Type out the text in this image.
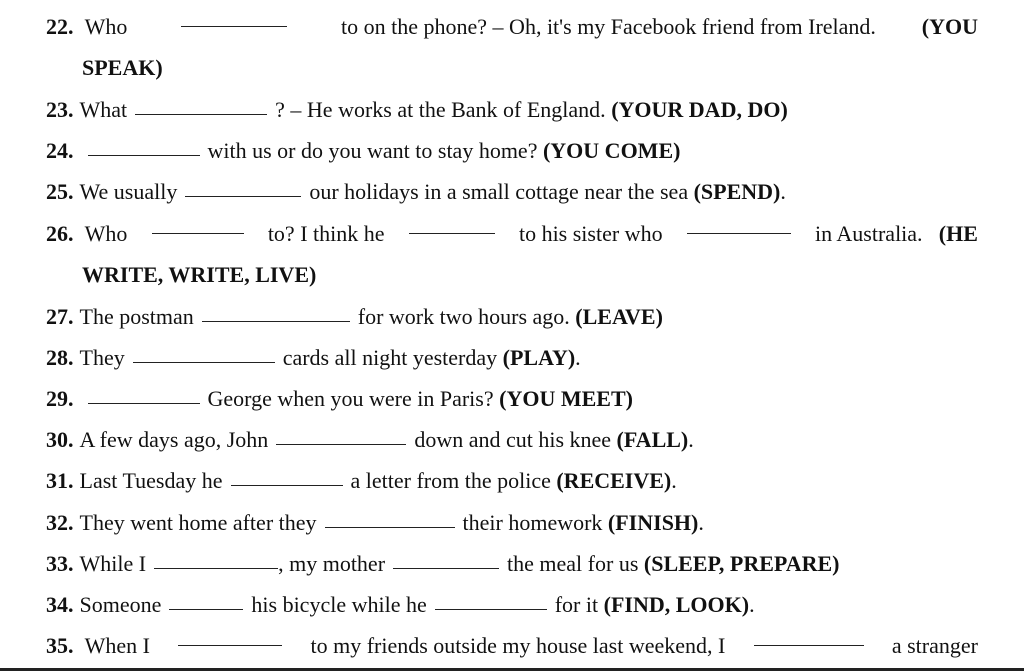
22. Who	to on the phone? – Oh, it's my Facebook friend from Ireland. (YOU
SPEAK)
23. What	? – He works at the Bank of England. (YOUR DAD, DO)
24.	with us or do you want to stay home? (YOU COME)
25. We usually	our holidays in a small cottage near the sea (SPEND).
26. Who	to? I think he	to his sister who	in Australia. (HE
WRITE, WRITE, LIVE)
27. The postman	for work two hours ago. (LEAVE)
28. They	cards all night yesterday (PLAY).
29.	George when you were in Paris? (YOU MEET)
30. A few days ago, John	down and cut his knee (FALL).
31. Last Tuesday he	a letter from the police (RECEIVE).
32. They went home after they	their homework (FINISH).
33. While I	, my mother	the meal for us (SLEEP, PREPARE)
34. Someone	his bicycle while he	for it (FIND, LOOK).
35. When I	to my friends outside my house last weekend, I	a stranger
